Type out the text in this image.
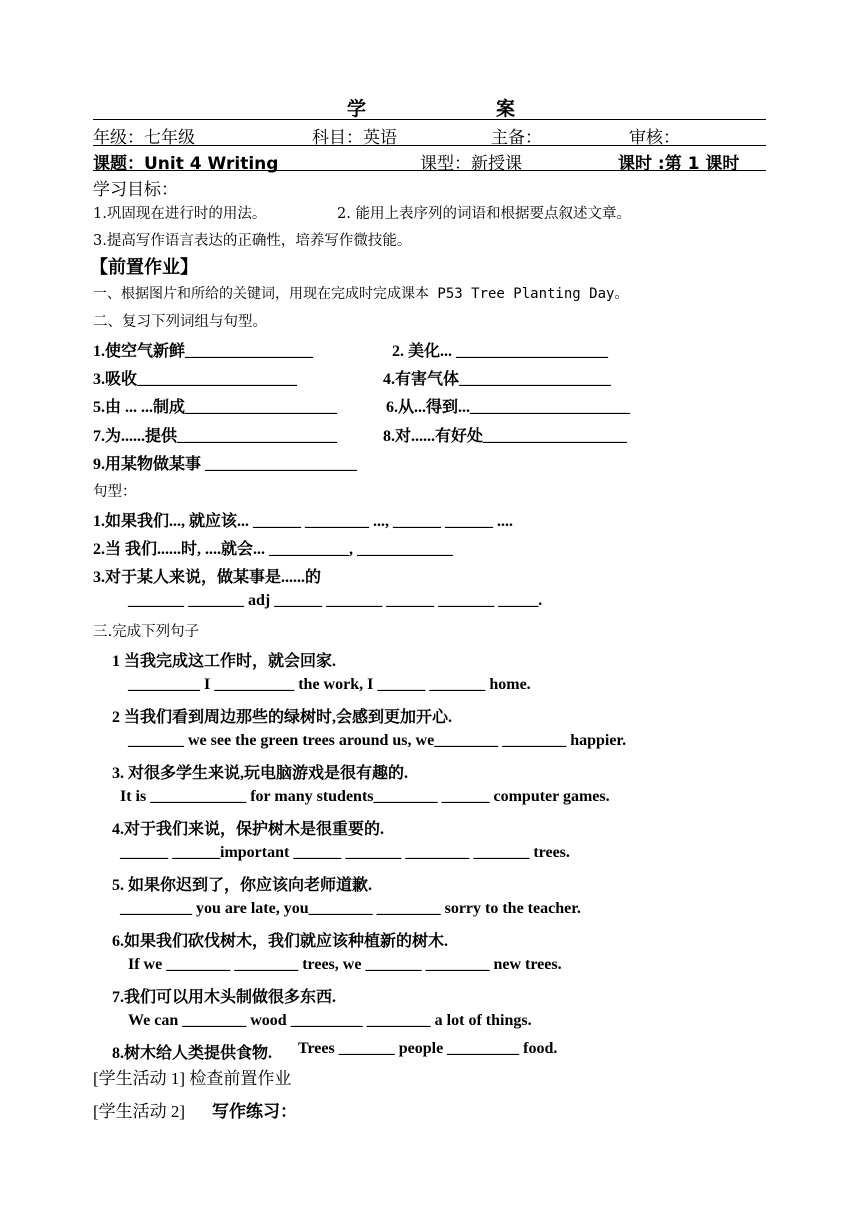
学	案
年级：七年级	科目：英语	主备：	审核：
课题：Unit 4 Writing	课型：新授课	课时 :第 1 课时
学习目标：
1.巩固现在进行时的用法。	2. 能用上表序列的词语和根据要点叙述文章。
3.提高写作语言表达的正确性，培养写作微技能。
【前置作业】
一、根据图片和所给的关键词，用现在完成时完成课本 P53 Tree Planting Day。
二、复习下列词组与句型。
1.使空气新鲜________________	2. 美化... ___________________
3.吸收____________________	4.有害气体___________________
5.由 ... ...制成___________________	6.从...得到...____________________
7.为......提供____________________	8.对......有好处__________________
9.用某物做某事 ___________________
句型：
1.如果我们..., 就应该... ______ ________ ..., ______ ______ ....
2.当 我们......时, ....就会... __________, ____________
3.对于某人来说，做某事是......的
_______ _______ adj ______ _______ ______ _______ _____.
三.完成下列句子
1 当我完成这工作时，就会回家.
_________ I __________ the work, I ______ _______ home.
2 当我们看到周边那些的绿树时,会感到更加开心.
_______ we see the green trees around us, we________ ________ happier.
3. 对很多学生来说,玩电脑游戏是很有趣的.
It is ____________ for many students________ ______ computer games.
4.对于我们来说，保护树木是很重要的.
______ ______important ______ _______ ________ _______ trees.
5. 如果你迟到了，你应该向老师道歉.
_________ you are late, you________ ________ sorry to the teacher.
6.如果我们砍伐树木，我们就应该种植新的树木.
If we ________ ________ trees, we _______ ________ new trees.
7.我们可以用木头制做很多东西.
We can ________ wood _________ ________ a lot of things.
8.树木给人类提供食物. Trees _______ people _________ food.
[学生活动 1] 检查前置作业
[学生活动 2] 写作练习：
